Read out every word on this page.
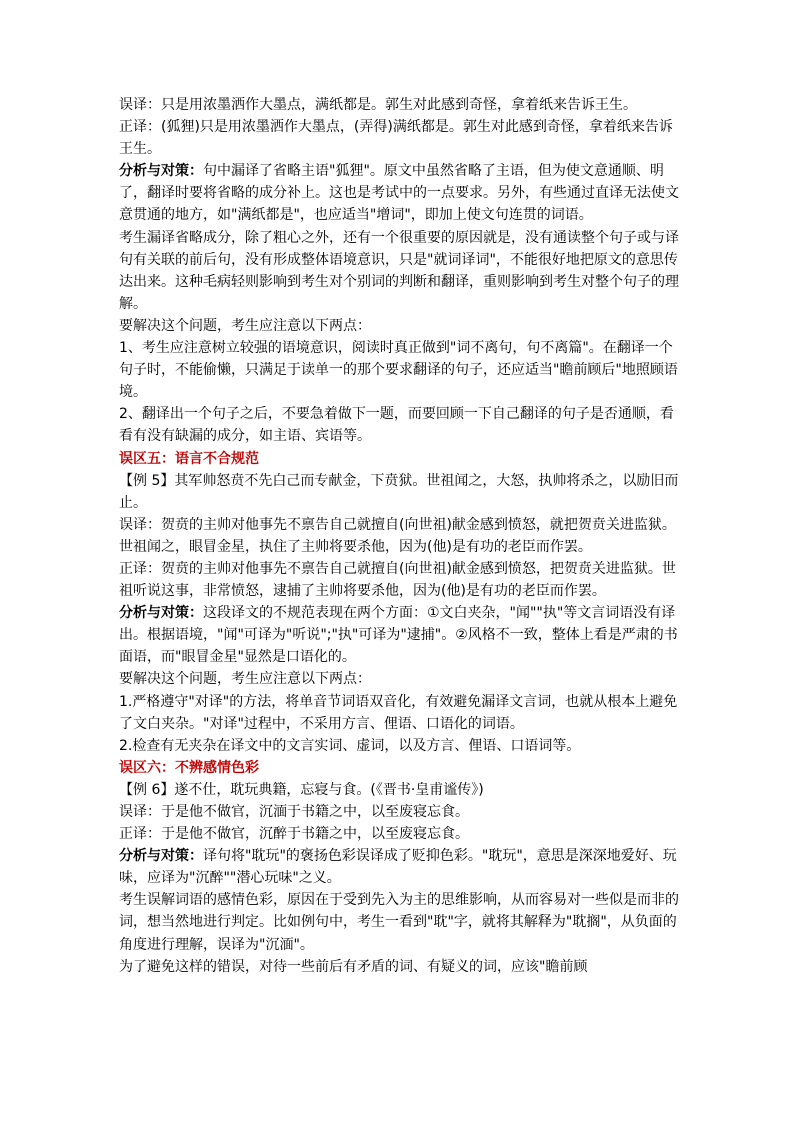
误译：只是用浓墨洒作大墨点，满纸都是。郭生对此感到奇怪，拿着纸来告诉王生。

正译：(狐狸)只是用浓墨洒作大墨点，(弄得)满纸都是。郭生对此感到奇怪，拿着纸来告诉王生。

分析与对策：句中漏译了省略主语"狐狸"。原文中虽然省略了主语，但为使文意通顺、明了，翻译时要将省略的成分补上。这也是考试中的一点要求。另外，有些通过直译无法使文意贯通的地方，如"满纸都是"，也应适当"增词"，即加上使文句连贯的词语。

考生漏译省略成分，除了粗心之外，还有一个很重要的原因就是，没有通读整个句子或与译句有关联的前后句，没有形成整体语境意识，只是"就词译词"，不能很好地把原文的意思传达出来。这种毛病轻则影响到考生对个别词的判断和翻译，重则影响到考生对整个句子的理解。

要解决这个问题，考生应注意以下两点：

1、考生应注意树立较强的语境意识，阅读时真正做到"词不离句，句不离篇"。在翻译一个句子时，不能偷懒，只满足于读单一的那个要求翻译的句子，还应适当"瞻前顾后"地照顾语境。

2、翻译出一个句子之后，不要急着做下一题，而要回顾一下自己翻译的句子是否通顺，看看有没有缺漏的成分，如主语、宾语等。

误区五：语言不合规范

【例 5】其军帅怒贲不先白己而专献金，下贲狱。世祖闻之，大怒，执帅将杀之，以励旧而止。

误译：贺贲的主帅对他事先不禀告自己就擅自(向世祖)献金感到愤怒，就把贺贲关进监狱。世祖闻之，眼冒金星，执住了主帅将要杀他，因为(他)是有功的老臣而作罢。

正译：贺贲的主帅对他事先不禀告自己就擅自(向世祖)献金感到愤怒，把贺贲关进监狱。世祖听说这事，非常愤怒，逮捕了主帅将要杀他，因为(他)是有功的老臣而作罢。

分析与对策：这段译文的不规范表现在两个方面：①文白夹杂，"闻""执"等文言词语没有译出。根据语境，"闻"可译为"听说";"执"可译为"逮捕"。②风格不一致，整体上看是严肃的书面语，而"眼冒金星"显然是口语化的。

要解决这个问题，考生应注意以下两点：

1.严格遵守"对译"的方法，将单音节词语双音化，有效避免漏译文言词，也就从根本上避免了文白夹杂。"对译"过程中，不采用方言、俚语、口语化的词语。

2.检查有无夹杂在译文中的文言实词、虚词，以及方言、俚语、口语词等。

误区六：不辨感情色彩

【例 6】遂不仕，耽玩典籍，忘寝与食。(《晋书·皇甫谧传》)

误译：于是他不做官，沉湎于书籍之中，以至废寝忘食。

正译：于是他不做官，沉醉于书籍之中，以至废寝忘食。

分析与对策：译句将"耽玩"的褒扬色彩误译成了贬抑色彩。"耽玩"，意思是深深地爱好、玩味，应译为"沉醉""潜心玩味"之义。

考生误解词语的感情色彩，原因在于受到先入为主的思维影响，从而容易对一些似是而非的词，想当然地进行判定。比如例句中，考生一看到"耽"字，就将其解释为"耽搁"，从负面的角度进行理解，误译为"沉湎"。

为了避免这样的错误，对待一些前后有矛盾的词、有疑义的词，应该"瞻前顾
